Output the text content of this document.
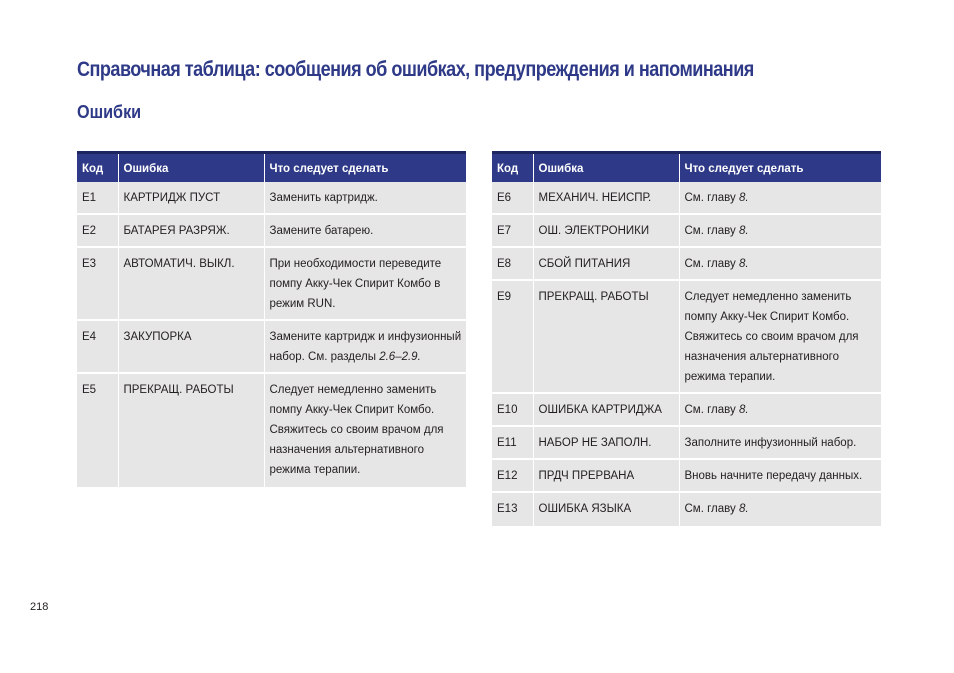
Справочная таблица: сообщения об ошибках, предупреждения и напоминания
Ошибки
Код	Ошибка	Что следует сделать
E1	КАРТРИДЖ ПУСТ	Заменить картридж.
E2	БАТАРЕЯ РАЗРЯЖ.	Замените батарею.
E3	АВТОМАТИЧ. ВЫКЛ.	При необходимости переведите помпу Акку-Чек Спирит Комбо в режим RUN.
E4	ЗАКУПОРКА	Замените картридж и инфузионный набор. См. разделы 2.6–2.9.
E5	ПРЕКРАЩ. РАБОТЫ	Следует немедленно заменить помпу Акку-Чек Спирит Комбо. Свяжитесь со своим врачом для назначения альтернативного режима терапии.
Код	Ошибка	Что следует сделать
E6	МЕХАНИЧ. НЕИСПР.	См. главу 8.
E7	ОШ. ЭЛЕКТРОНИКИ	См. главу 8.
E8	СБОЙ ПИТАНИЯ	См. главу 8.
E9	ПРЕКРАЩ. РАБОТЫ	Следует немедленно заменить помпу Акку-Чек Спирит Комбо. Свяжитесь со своим врачом для назначения альтернативного режима терапии.
E10	ОШИБКА КАРТРИДЖА	См. главу 8.
E11	НАБОР НЕ ЗАПОЛН.	Заполните инфузионный набор.
E12	ПРДЧ ПРЕРВАНА	Вновь начните передачу данных.
E13	ОШИБКА ЯЗЫКА	См. главу 8.
218
